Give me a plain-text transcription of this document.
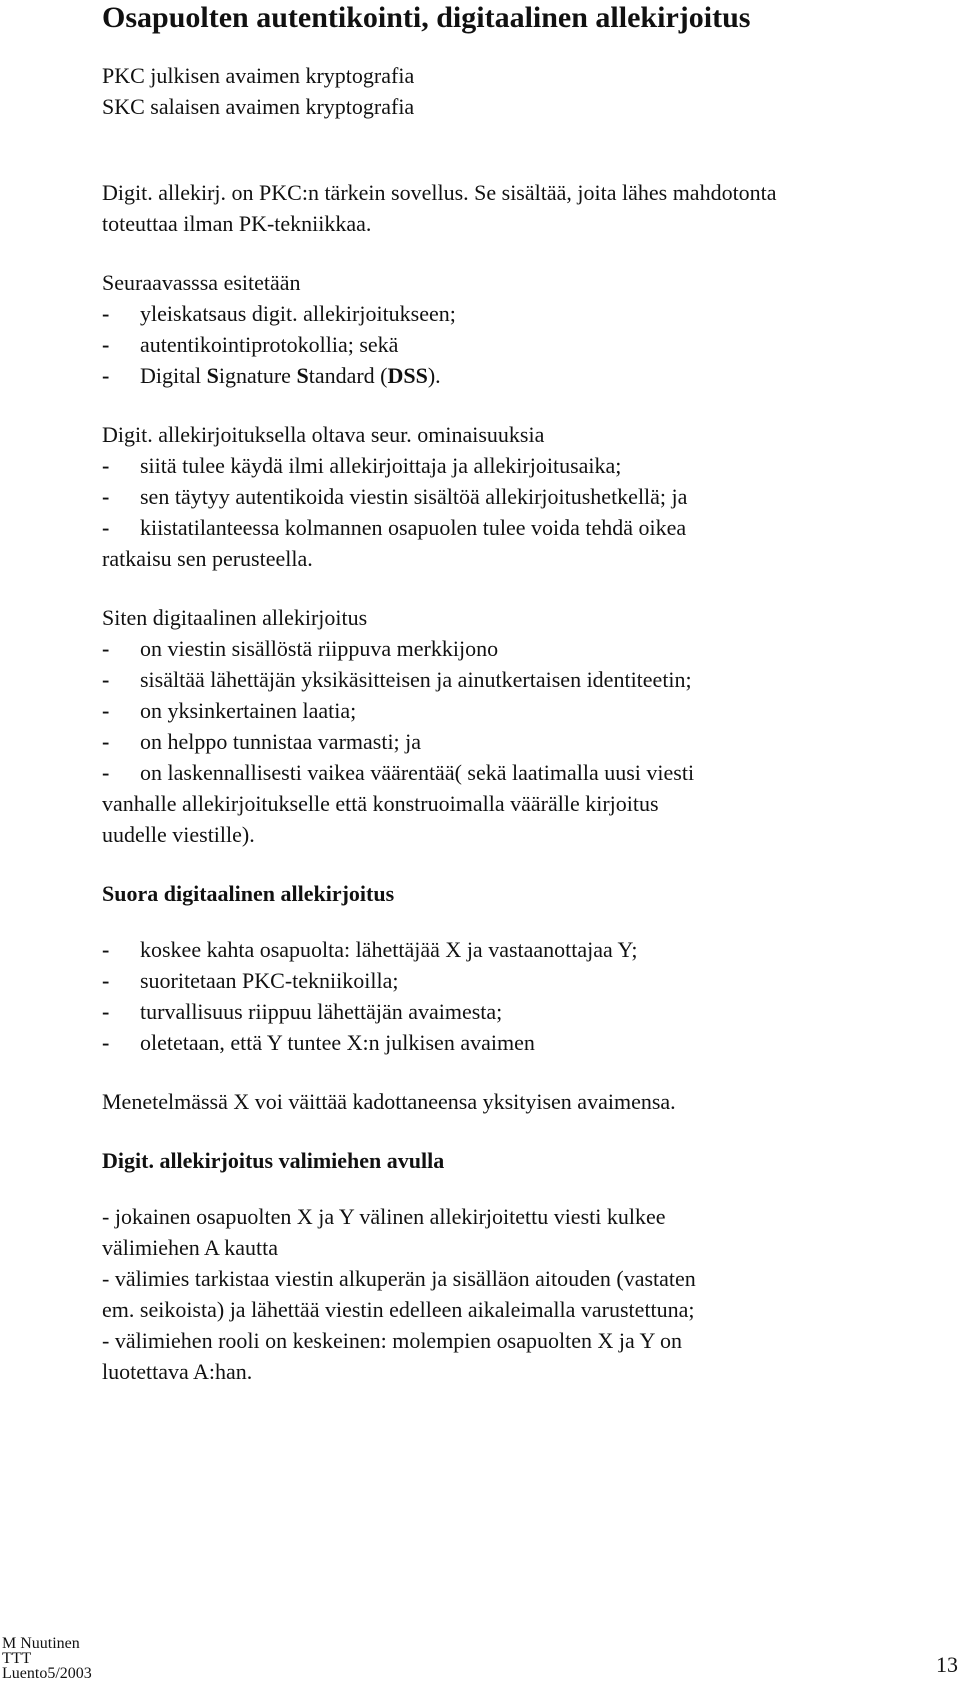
Osapuolten autentikointi, digitaalinen allekirjoitus
PKC julkisen avaimen kryptografia
SKC salaisen avaimen kryptografia
Digit. allekirj. on PKC:n tärkein sovellus. Se sisältää, joita lähes mahdotonta
toteuttaa ilman PK-tekniikkaa.
Seuraavasssa esitetään
- yleiskatsaus digit. allekirjoitukseen;
- autentikointiprotokollia; sekä
- Digital Signature Standard (DSS).
Digit. allekirjoituksella oltava seur. ominaisuuksia
- siitä tulee käydä ilmi allekirjoittaja ja allekirjoitusaika;
- sen täytyy autentikoida viestin sisältöä allekirjoitushetkellä; ja
- kiistatilanteessa kolmannen osapuolen tulee voida tehdä oikea
ratkaisu sen perusteella.
Siten digitaalinen allekirjoitus
- on viestin sisällöstä riippuva merkkijono
- sisältää lähettäjän yksikäsitteisen ja ainutkertaisen identiteetin;
- on yksinkertainen laatia;
- on helppo tunnistaa varmasti; ja
- on laskennallisesti vaikea väärentää( sekä laatimalla uusi viesti
vanhalle allekirjoitukselle että konstruoimalla väärälle kirjoitus
uudelle viestille).
Suora digitaalinen allekirjoitus
- koskee kahta osapuolta: lähettäjää X ja vastaanottajaa Y;
- suoritetaan PKC-tekniikoilla;
- turvallisuus riippuu lähettäjän avaimesta;
- oletetaan, että Y tuntee X:n julkisen avaimen
Menetelmässä X voi väittää kadottaneensa yksityisen avaimensa.
Digit. allekirjoitus valimiehen avulla
- jokainen osapuolten X ja Y välinen allekirjoitettu viesti kulkee
välimiehen A kautta
- välimies tarkistaa viestin alkuperän ja sisälläon aitouden (vastaten
em. seikoista) ja lähettää viestin edelleen aikaleimalla varustettuna;
- välimiehen rooli on keskeinen: molempien osapuolten X ja Y on
luotettava A:han.
M Nuutinen
TTT
Luento5/2003	13
